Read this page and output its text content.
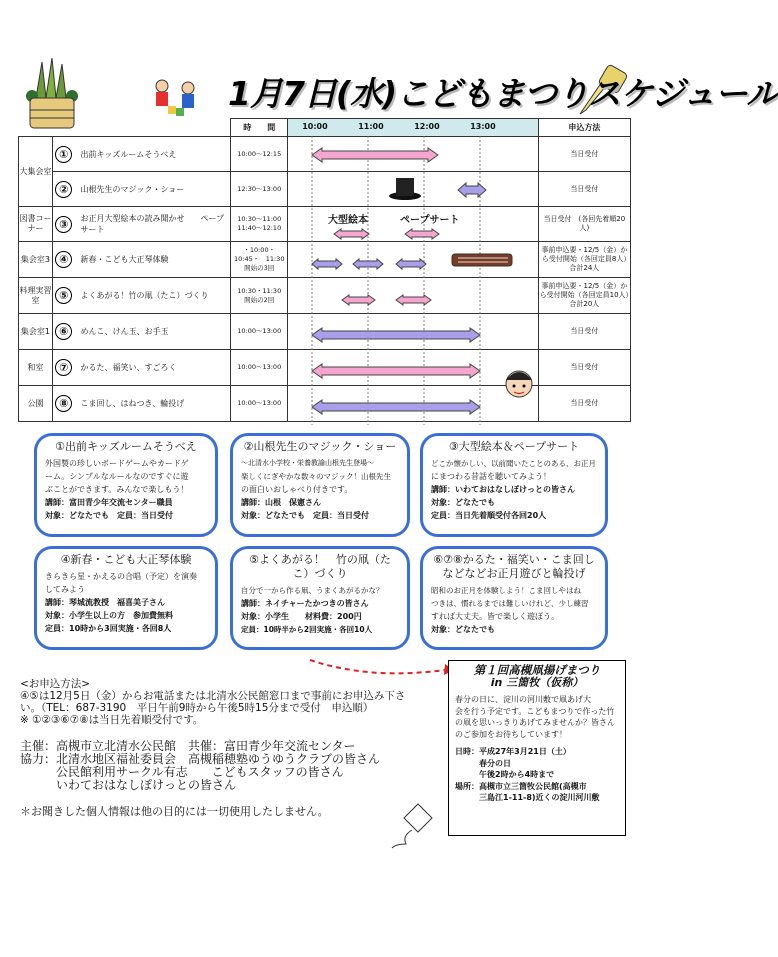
1月7日(水)こどもまつりスケジュール
			時　　間	10:00 11:00 12:00 13:00	申込方法
大集会室	①	出前キッズルームそうべえ	10:00～12:15		当日受付
	②	山根先生のマジック・ショー	12:30～13:00		当日受付
図書コーナー	③	お正月大型絵本の読み聞かせ　　ペープサート	10:30～11:00　11:40～12:10		当日受付　(各回先着順20人)
集会室3	④	新春・こども大正琴体験	・10:00・10:45・　11:30開始の3回		事前申込要・12/5（金）から受付開始（各回定員8人）　合計24人
料理実習室	⑤	よくあがる！竹の凧（たこ）づくり	10:30・11:30　開始の2回		事前申込要・12/5（金）から受付開始（各回定員10人）　合計20人
集会室1	⑥	めんこ、けん玉、お手玉	10:00～13:00		当日受付
和室	⑦	かるた、福笑い、すごろく	10:00～13:00		当日受付
公園	⑧	こま回し、はねつき、輪投げ	10:00～13:00		当日受付
大型絵本	ペープサート
①出前キッズルームそうべえ
外国製の珍しいボードゲームやカードゲ
ーム。シンプルなルールなのですぐに遊
ぶことができます。みんなで楽しもう！
講師：富田青少年交流センター職員
対象：どなたでも　定員：当日受付
②山根先生のマジック・ショー
～北清水小学校・栄養教諭山根先生登場～
楽しくにぎやかな数々のマジック！山根先生
の面白いおしゃべり付きです。
講師：山根　保憲さん
対象：どなたでも　定員：当日受付
③大型絵本＆ペープサート
どこか懐かしい、以前聞いたことのある、お正月
にまつわる昔話を聴いてみよう！
講師：いわておはなしぽけっとの皆さん
対象：どなたでも
定員：当日先着順受付各回20人
④新春・こども大正琴体験
きらきら星・かえるの合唱（予定）を演奏
してみよう
講師：琴城流教授　福喜美子さん
対象：小学生以上の方　参加費無料
定員：10時から3回実施・各回8人
⑤よくあがる！　竹の凧（たこ）づくり
自分で一から作る凧、うまくあがるかな？
講師：ネイチャーたかつきの皆さん
対象：小学生　　材料費：200円
定員：10時半から2回実施・各回10人
⑥⑦⑧かるた・福笑い・こま回し　などなどお正月遊びと輪投げ
昭和のお正月を体験しよう！こま回しやはね
つきは、慣れるまでは難しいけれど、少し練習
すれば大丈夫。皆で楽しく遊ぼう。
対象：どなたでも
<お申込方法>
④⑤は12月5日（金）からお電話または北清水公民館窓口まで事前にお申込み下さ
い。（TEL：687-3190　平日午前9時から午後5時15分まで受付　申込順）
※ ①②③⑥⑦⑧は当日先着順受付です。
主催：高槻市立北清水公民館　共催：富田青少年交流センター
協力：北清水地区福祉委員会　高槻稲穂塾ゆうゆうクラブの皆さん
　　　公民館利用サークル有志　　こどもスタッフの皆さん
　　　いわておはなしぽけっとの皆さん
＊お聞きした個人情報は他の目的には一切使用したしません。
第１回高槻凧揚げまつり
in 三箇牧（仮称）
春分の日に、淀川の河川敷で凧あげ大
会を行う予定です。こどもまつりで作った竹
の凧を思いっきりあげてみませんか？皆さん
のご参加をお待ちしています！
日時：平成27年3月21日（土）
　　　春分の日
　　　午後2時から4時まで
場所：高槻市立三箇牧公民館(高槻市
　　　三島江1-11-8)近くの淀川河川敷
